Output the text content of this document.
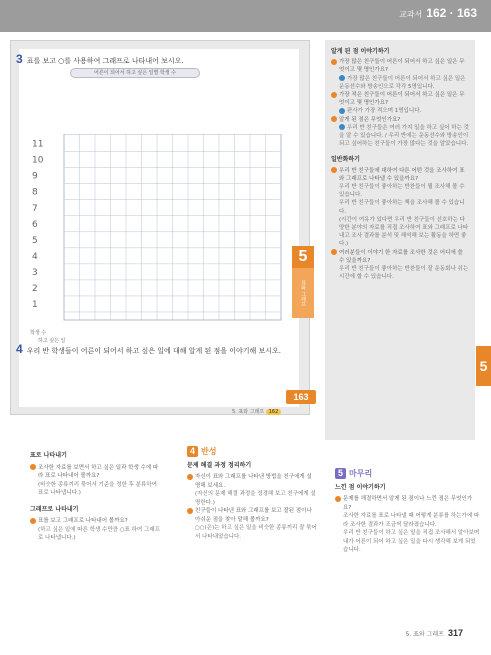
교과서 162 · 163
3 표를 보고 ○를 사용하여 그래프로 나타내어 보시오.
어른이 되어서 하고 싶은 일별 학생 수
11
10
9
8
7
6
5
4
3
2
1
학생 수
하고 싶은 일
4 우리 반 학생들이 어른이 되어서 하고 싶은 일에 대해 알게 된 점을 이야기해 보시오.
5
표와 그래프
163
5. 표와 그래프 162
알게 된 점 이야기하기
가장 많은 친구들이 어른이 되어서 하고 싶은 일은 무엇이고 몇 명인가요?
가장 많은 친구들이 어른이 되어서 하고 싶은 일은 운동선수와 방송인으로 각각 5명입니다.
가장 적은 친구들이 어른이 되어서 하고 싶은 일은 무엇이고 몇 명인가요?
판사가 가장 적으며 1명입니다.
알게 된 점은 무엇인가요?
우리 반 친구들은 여러 가지 일을 하고 싶어 하는 것을 알 수 있습니다. / 우리 반에는 운동선수와 방송인이 되고 싶어하는 친구들이 가장 많다는 것을 알았습니다.
일반화하기
우리 반 친구들에 대하여 다른 어떤 것을 조사하여 표와 그래프로 나타낼 수 있을까요?
우리 반 친구들이 좋아하는 반찬들이 뭘 조사해 볼 수 있습니다.
우리 반 친구들이 좋아하는 책을 조사해 볼 수 있습니다.
(시간이 여유가 있다면 우리 반 친구들이 선호하는 다양한 분야의 자료를 직접 조사하여 표와 그래프로 나타내고 조사 결과를 분석 및 해석해 보는 활동을 하면 좋다.)
여러분들이 이야기 한 자료를 조사한 것은 어디에 쓸 수 있을까요?
우리 반 친구들이 좋아하는 반찬들이 잘 운동회나 쉬는 시간에 할 수 있습니다.
5
표로 나타내기
조사한 자료를 보면서 하고 싶은 일과 학생 수에 따라 표로 나타내어 볼까요?
(비슷한 종류끼리 묶어서 기준을 정한 후 분류하여 표로 나타냅니다.)
그래프로 나타내기
표를 보고 그래프로 나타내어 볼까요?
(하고 싶은 일에 따른 학생 수만큼 ○표 하여 그래프로 나타냅니다.)
4 반성
문제 해결 과정 정리하기
자신이 표와 그래프를 나타낸 방법을 친구에게 설명해 보세요.
(자신의 문제 해결 과정을 정경해 보고 친구에게 설명한다.)
친구들이 나타낸 표와 그래프를 보고 잘된 점이나 아쉬운 점을 찾아 말해 볼까요?
○○(은)는 하고 싶은 일을 비슷한 종류끼리 잘 묶어서 나타내었습니다.
5 마무리
느낀 점 이야기하기
문제를 해결하면서 알게 된 점이나 느낀 점은 무엇인가요?
조사한 자료를 표로 나타낼 때 어떻게 분류를 하는가에 따라 조사한 결과가 조금씩 달라졌습니다.
우리 반 친구들이 하고 싶은 일을 직접 조사해서 알아보며 내가 어른이 되어 하고 싶은 일을 다시 생각해 보게 되었습니다.
5. 표와 그래프 317
